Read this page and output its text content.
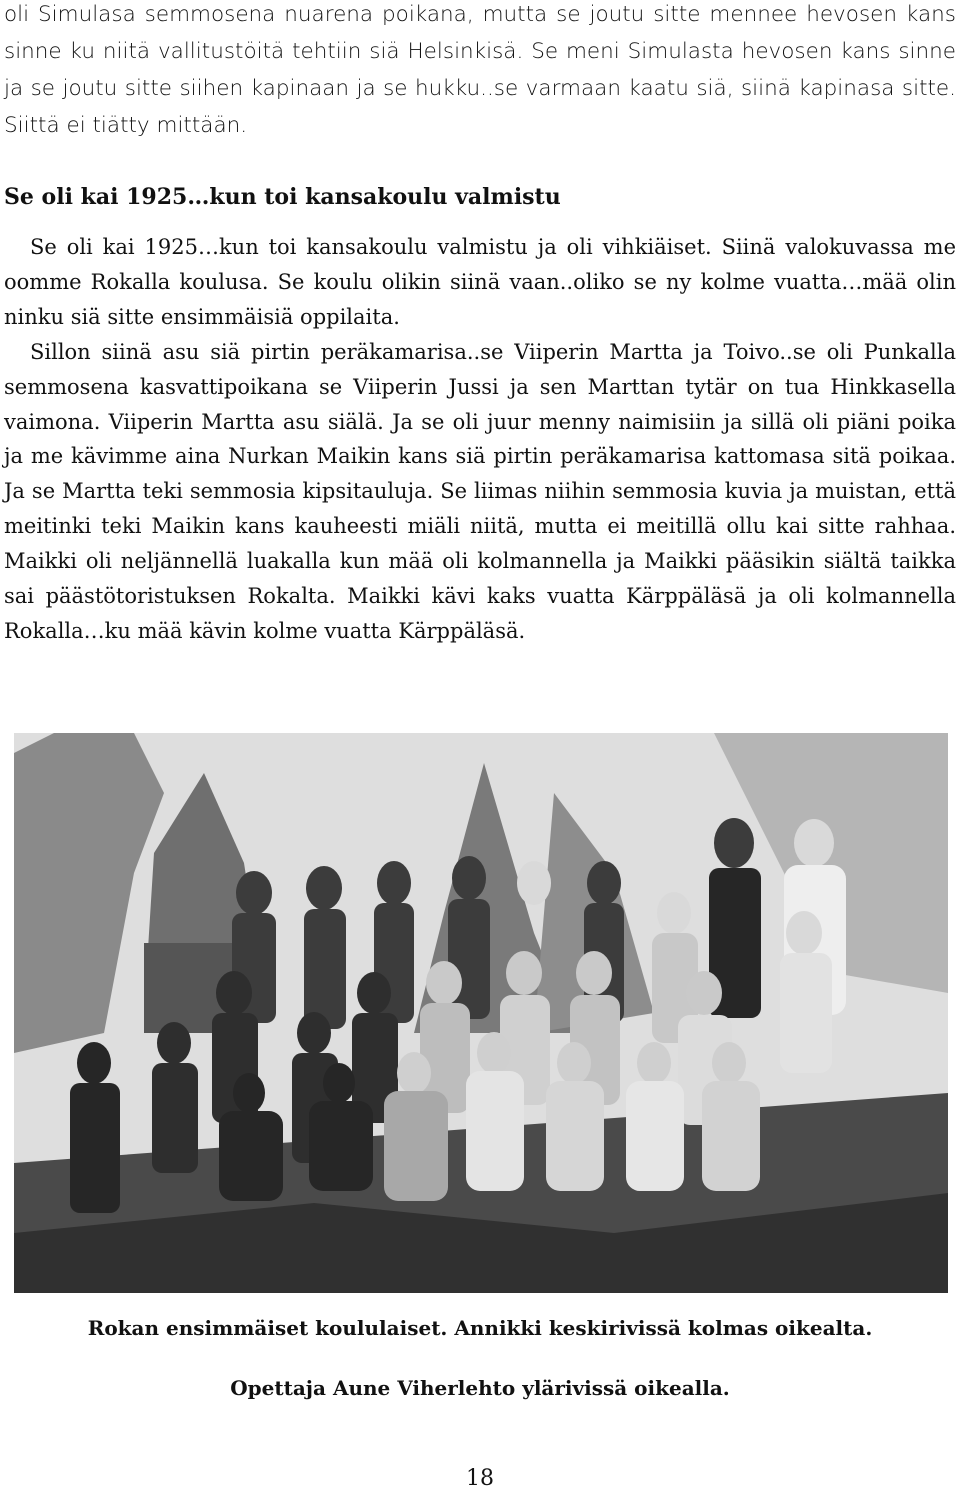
oli Simulasa semmosena nuarena poikana, mutta se joutu sitte mennee hevosen kans sinne ku niitä vallitustöitä tehtiin siä Helsinkisä. Se meni Simulasta hevosen kans sinne ja se joutu sitte siihen kapinaan ja se hukku..se varmaan kaatu siä, siinä kapinasa sitte. Siittä ei tiätty mittään.

Se oli kai 1925…kun toi kansakoulu valmistu

Se oli kai 1925…kun toi kansakoulu valmistu ja oli vihkiäiset. Siinä valokuvassa me oomme Rokalla koulusa. Se koulu olikin siinä vaan..oliko se ny kolme vuatta…mää olin ninku siä sitte ensimmäisiä oppilaita.
Sillon siinä asu siä pirtin peräkamarisa..se Viiperin Martta ja Toivo..se oli Punkalla semmosena kasvattipoikana se Viiperin Jussi ja sen Marttan tytär on tua Hinkkasella vaimona. Viiperin Martta asu siälä. Ja se oli juur menny naimisiin ja sillä oli piäni poika ja me kävimme aina Nurkan Maikin kans siä pirtin peräkamarisa kattomasa sitä poikaa. Ja se Martta teki semmosia kipsitauluja. Se liimas niihin semmosia kuvia ja muistan, että meitinki teki Maikin kans kauheesti miäli niitä, mutta ei meitillä ollu kai sitte rahhaa. Maikki oli neljännellä luakalla kun mää oli kolmannella ja Maikki pääsikin siältä taikka sai päästötoristuksen Rokalta. Maikki kävi kaks vuatta Kärppäläsä ja oli kolmannella Rokalla…ku mää kävin kolme vuatta Kärppäläsä.

Rokan ensimmäiset koululaiset. Annikki keskirivissä kolmas oikealta.

Opettaja Aune Viherlehto ylärivissä oikealla.

18
